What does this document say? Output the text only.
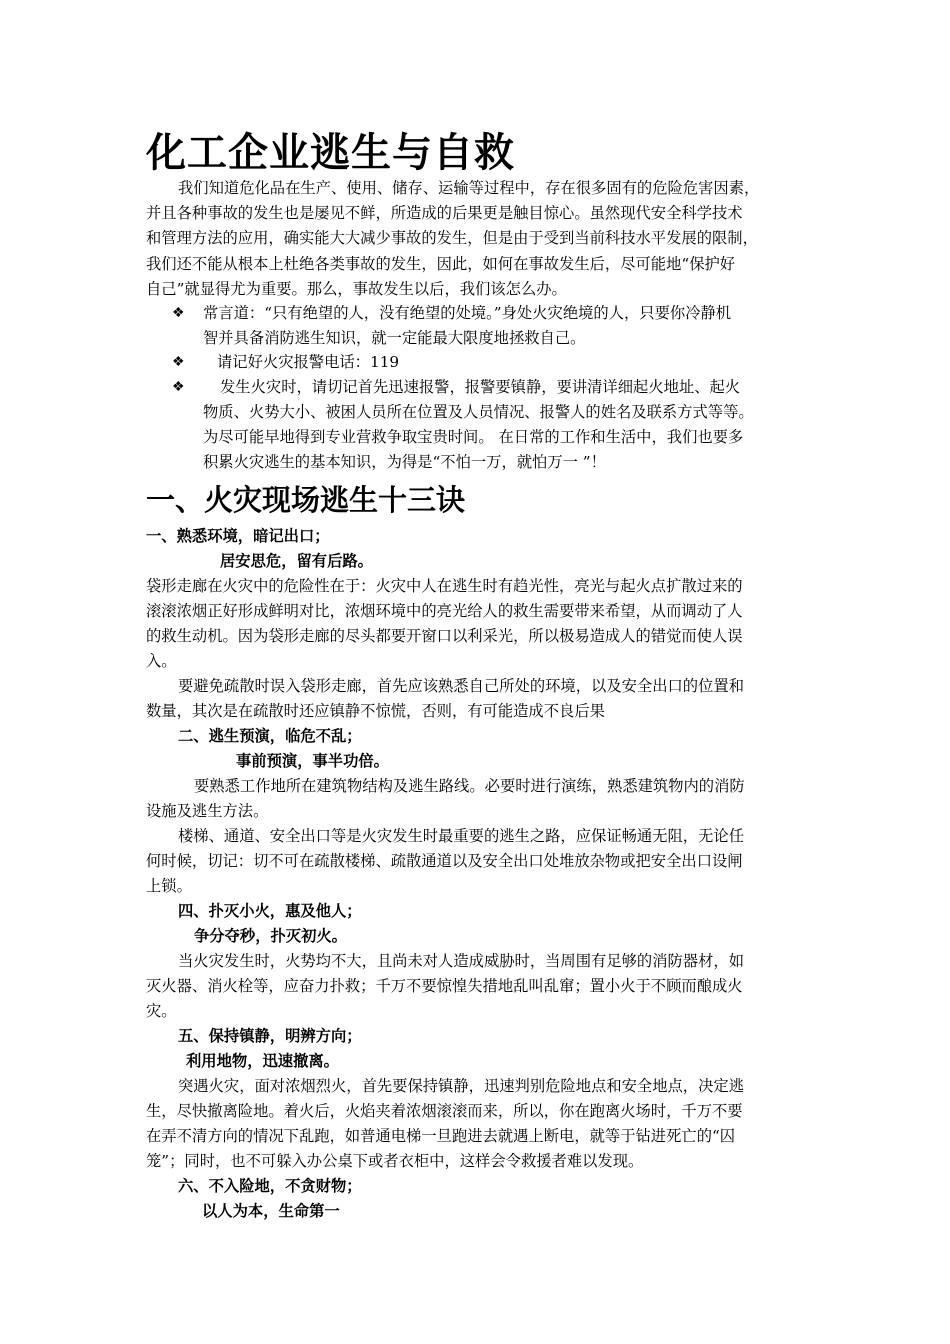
化工企业逃生与自救
我们知道危化品在生产、使用、储存、运输等过程中，存在很多固有的危险危害因素，
并且各种事故的发生也是屡见不鲜，所造成的后果更是触目惊心。虽然现代安全科学技术
和管理方法的应用，确实能大大减少事故的发生，但是由于受到当前科技水平发展的限制，
我们还不能从根本上杜绝各类事故的发生，因此，如何在事故发生后，尽可能地“保护好
自己”就显得尤为重要。那么，事故发生以后，我们该怎么办。
❖ 常言道：“只有绝望的人，没有绝望的处境。”身处火灾绝境的人，只要你冷静机
智并具备消防逃生知识，就一定能最大限度地拯救自己。
❖ 请记好火灾报警电话：119
❖ 发生火灾时，请切记首先迅速报警，报警要镇静，要讲清详细起火地址、起火
物质、火势大小、被困人员所在位置及人员情况、报警人的姓名及联系方式等等。
为尽可能早地得到专业营救争取宝贵时间。 在日常的工作和生活中，我们也要多
积累火灾逃生的基本知识，为得是“不怕一万，就怕万一 ”！
一、火灾现场逃生十三诀
一、熟悉环境，暗记出口；
居安思危，留有后路。
袋形走廊在火灾中的危险性在于：火灾中人在逃生时有趋光性，亮光与起火点扩散过来的
滚滚浓烟正好形成鲜明对比，浓烟环境中的亮光给人的救生需要带来希望，从而调动了人
的救生动机。因为袋形走廊的尽头都要开窗口以利采光，所以极易造成人的错觉而使人误
入。
要避免疏散时误入袋形走廊，首先应该熟悉自己所处的环境，以及安全出口的位置和
数量，其次是在疏散时还应镇静不惊慌，否则，有可能造成不良后果
二、逃生预演，临危不乱；
事前预演，事半功倍。
要熟悉工作地所在建筑物结构及逃生路线。必要时进行演练，熟悉建筑物内的消防
设施及逃生方法。
楼梯、通道、安全出口等是火灾发生时最重要的逃生之路，应保证畅通无阻，无论任
何时候，切记：切不可在疏散楼梯、疏散通道以及安全出口处堆放杂物或把安全出口设闸
上锁。
四、扑灭小火，惠及他人；
争分夺秒，扑灭初火。
当火灾发生时，火势均不大，且尚未对人造成威胁时，当周围有足够的消防器材，如
灭火器、消火栓等，应奋力扑救；千万不要惊惶失措地乱叫乱窜；置小火于不顾而酿成火
灾。
五、保持镇静，明辨方向；
利用地物，迅速撤离。
突遇火灾，面对浓烟烈火，首先要保持镇静，迅速判别危险地点和安全地点，决定逃
生，尽快撤离险地。着火后，火焰夹着浓烟滚滚而来，所以，你在跑离火场时，千万不要
在弄不清方向的情况下乱跑，如普通电梯一旦跑进去就遇上断电，就等于钻进死亡的“囚
笼”；同时，也不可躲入办公桌下或者衣柜中，这样会令救援者难以发现。
六、不入险地，不贪财物；
以人为本，生命第一
